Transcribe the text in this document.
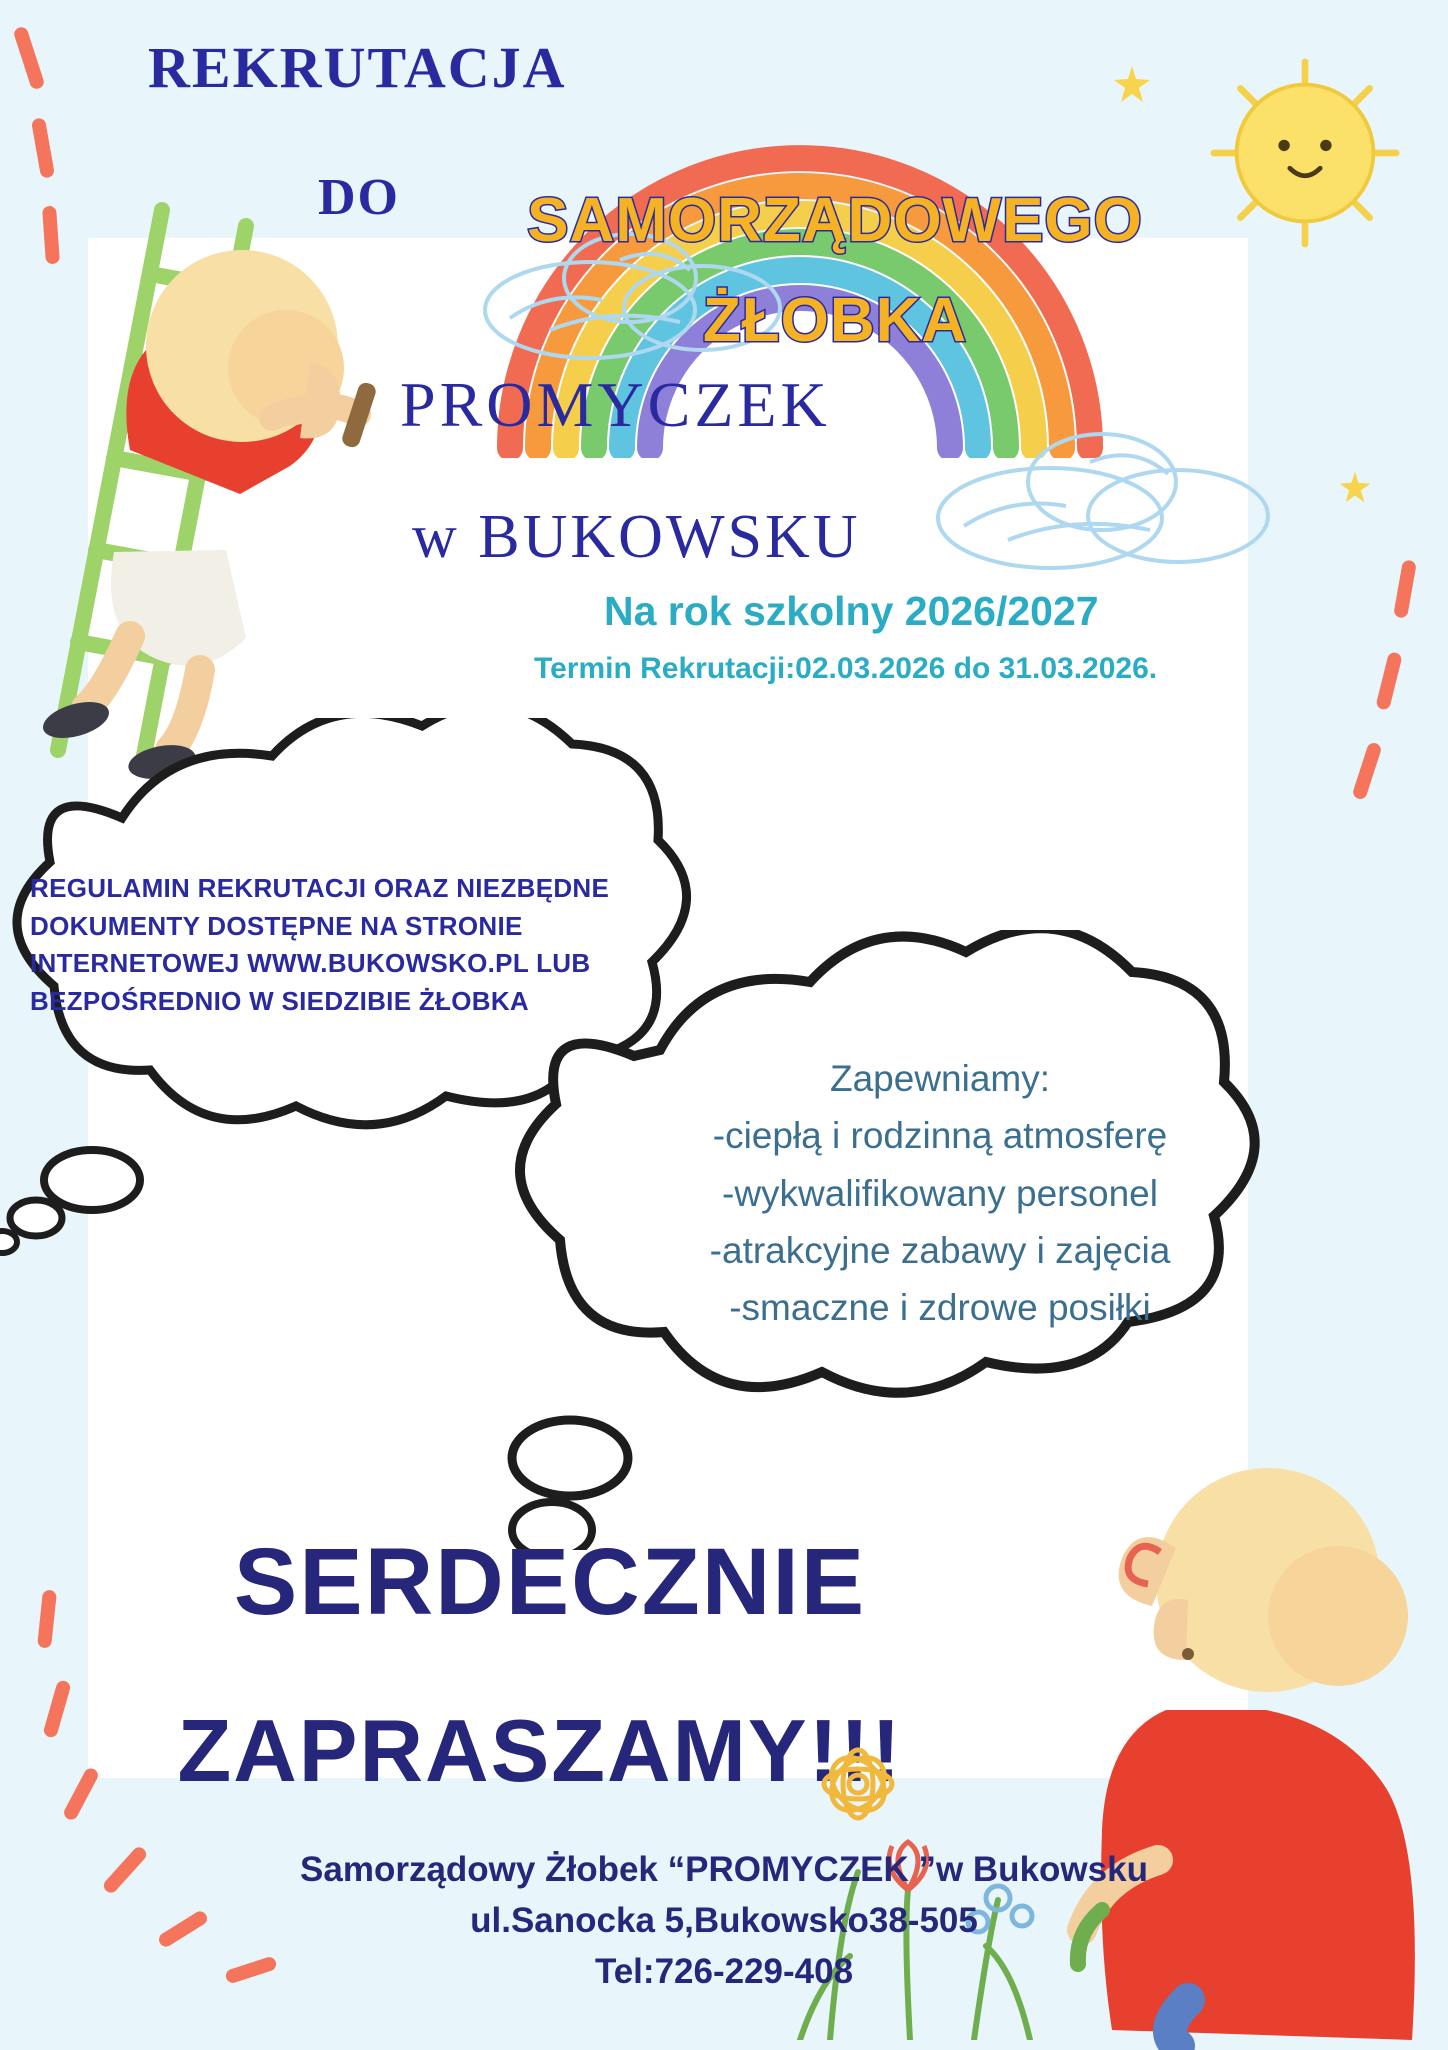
REKRUTACJA
DO	SAMORZĄDOWEGO
ŻŁOBKA
PROMYCZEK
w BUKOWSKU
Na rok szkolny 2026/2027
Termin Rekrutacji:02.03.2026 do 31.03.2026.
REGULAMIN REKRUTACJI ORAZ NIEZBĘDNE
DOKUMENTY DOSTĘPNE NA STRONIE
INTERNETOWEJ WWW.BUKOWSKO.PL LUB
BEZPOŚREDNIO W SIEDZIBIE ŻŁOBKA
Zapewniamy:
-ciepłą i rodzinną atmosferę
-wykwalifikowany personel
-atrakcyjne zabawy i zajęcia
-smaczne i zdrowe posiłki
SERDECZNIE
ZAPRASZAMY!!!
Samorządowy Żłobek “PROMYCZEK ”w Bukowsku
ul.Sanocka 5,Bukowsko38-505
Tel:726-229-408
